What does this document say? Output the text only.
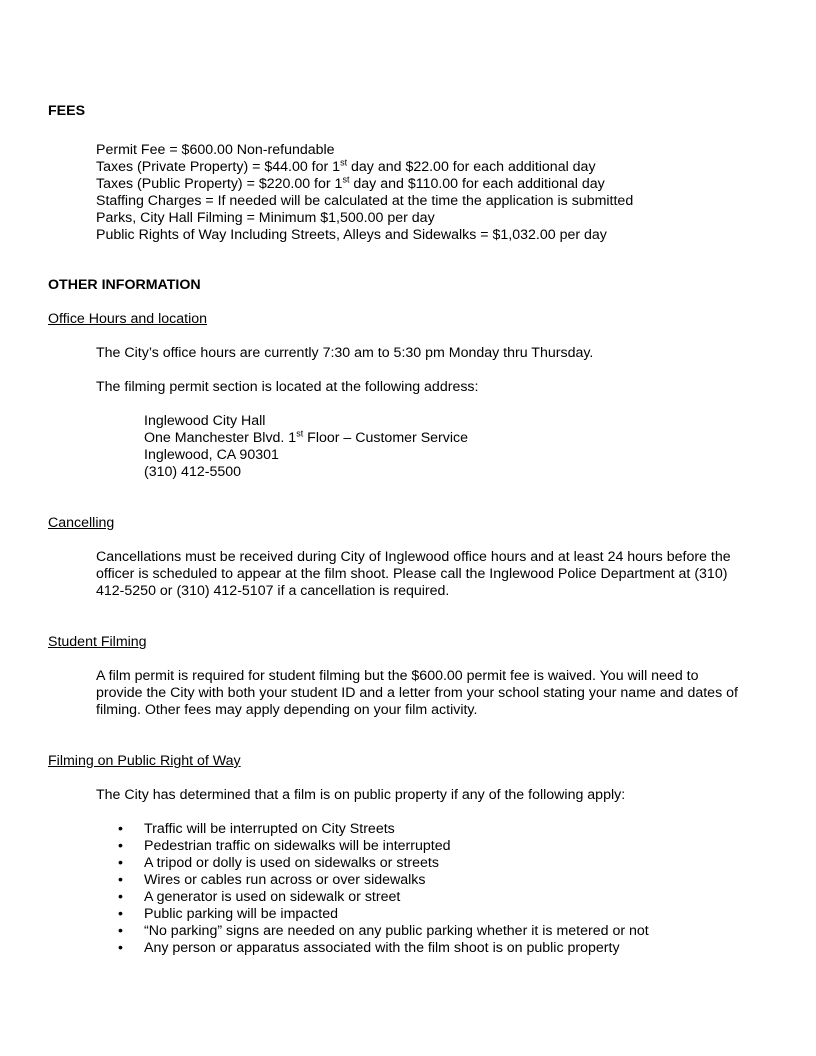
FEES

Permit Fee = $600.00 Non-refundable

Taxes (Private Property) = $44.00 for 1st day and $22.00 for each additional day

Taxes (Public Property) = $220.00 for 1st day and $110.00 for each additional day

Staffing Charges = If needed will be calculated at the time the application is submitted

Parks, City Hall Filming = Minimum $1,500.00 per day

Public Rights of Way Including Streets, Alleys and Sidewalks = $1,032.00 per day

OTHER INFORMATION

Office Hours and location

The City’s office hours are currently 7:30 am to 5:30 pm Monday thru Thursday.

The filming permit section is located at the following address:

Inglewood City Hall

One Manchester Blvd. 1st Floor – Customer Service

Inglewood, CA 90301

(310) 412-5500

Cancelling

Cancellations must be received during City of Inglewood office hours and at least 24 hours before the

officer is scheduled to appear at the film shoot. Please call the Inglewood Police Department at (310)

412-5250 or (310) 412-5107 if a cancellation is required.

Student Filming

A film permit is required for student filming but the $600.00 permit fee is waived. You will need to

provide the City with both your student ID and a letter from your school stating your name and dates of

filming. Other fees may apply depending on your film activity.

Filming on Public Right of Way

The City has determined that a film is on public property if any of the following apply:

• Traffic will be interrupted on City Streets
• Pedestrian traffic on sidewalks will be interrupted
• A tripod or dolly is used on sidewalks or streets
• Wires or cables run across or over sidewalks
• A generator is used on sidewalk or street
• Public parking will be impacted
• “No parking” signs are needed on any public parking whether it is metered or not
• Any person or apparatus associated with the film shoot is on public property
